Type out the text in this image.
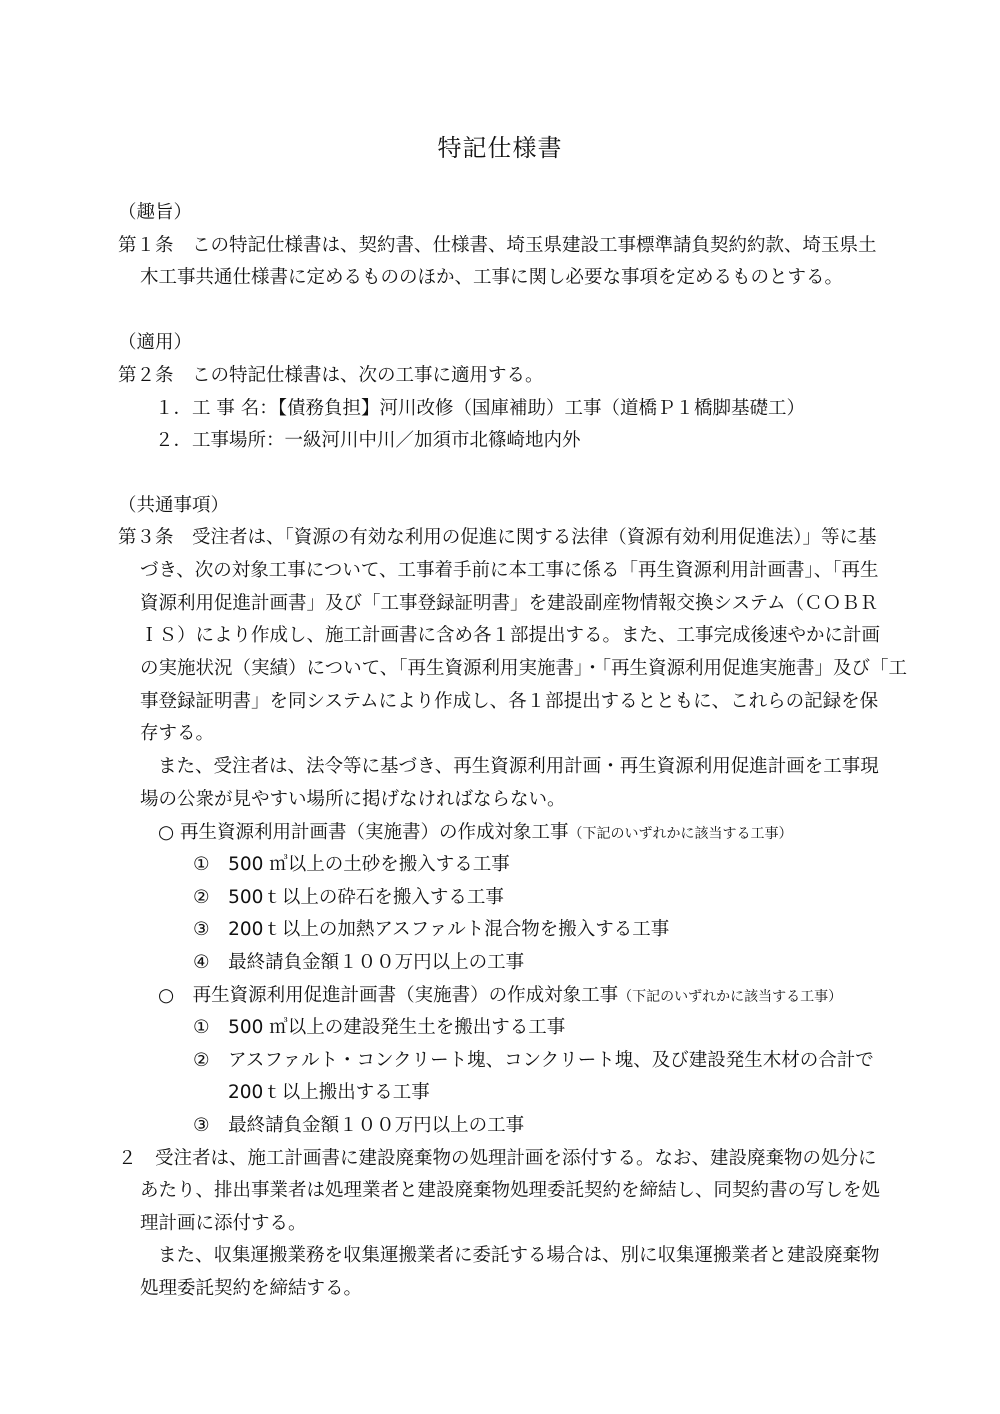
特記仕様書
（趣旨）
第１条　この特記仕様書は、契約書、仕様書、埼玉県建設工事標準請負契約約款、埼玉県土
木工事共通仕様書に定めるもののほか、工事に関し必要な事項を定めるものとする。
（適用）
第２条　この特記仕様書は、次の工事に適用する。
１．工 事 名：【債務負担】河川改修（国庫補助）工事（道橋Ｐ１橋脚基礎工）
２．工事場所：一級河川中川／加須市北篠崎地内外
（共通事項）
第３条　受注者は、「資源の有効な利用の促進に関する法律（資源有効利用促進法）」等に基
づき、次の対象工事について、工事着手前に本工事に係る「再生資源利用計画書」、「再生
資源利用促進計画書」及び「工事登録証明書」を建設副産物情報交換システム（ＣＯＢＲ
ＩＳ）により作成し、施工計画書に含め各１部提出する。また、工事完成後速やかに計画
の実施状況（実績）について、「再生資源利用実施書」・「再生資源利用促進実施書」及び「工
事登録証明書」を同システムにより作成し、各１部提出するとともに、これらの記録を保
存する。
また、受注者は、法令等に基づき、再生資源利用計画・再生資源利用促進計画を工事現
場の公衆が見やすい場所に掲げなければならない。
○ 再生資源利用計画書（実施書）の作成対象工事（下記のいずれかに該当する工事）
①　500 ㎥以上の土砂を搬入する工事
②　500ｔ以上の砕石を搬入する工事
③　200ｔ以上の加熱アスファルト混合物を搬入する工事
④　最終請負金額１００万円以上の工事
○　再生資源利用促進計画書（実施書）の作成対象工事（下記のいずれかに該当する工事）
①　500 ㎥以上の建設発生土を搬出する工事
②　アスファルト・コンクリート塊、コンクリート塊、及び建設発生木材の合計で
200ｔ以上搬出する工事
③　最終請負金額１００万円以上の工事
２　受注者は、施工計画書に建設廃棄物の処理計画を添付する。なお、建設廃棄物の処分に
あたり、排出事業者は処理業者と建設廃棄物処理委託契約を締結し、同契約書の写しを処
理計画に添付する。
また、収集運搬業務を収集運搬業者に委託する場合は、別に収集運搬業者と建設廃棄物
処理委託契約を締結する。
